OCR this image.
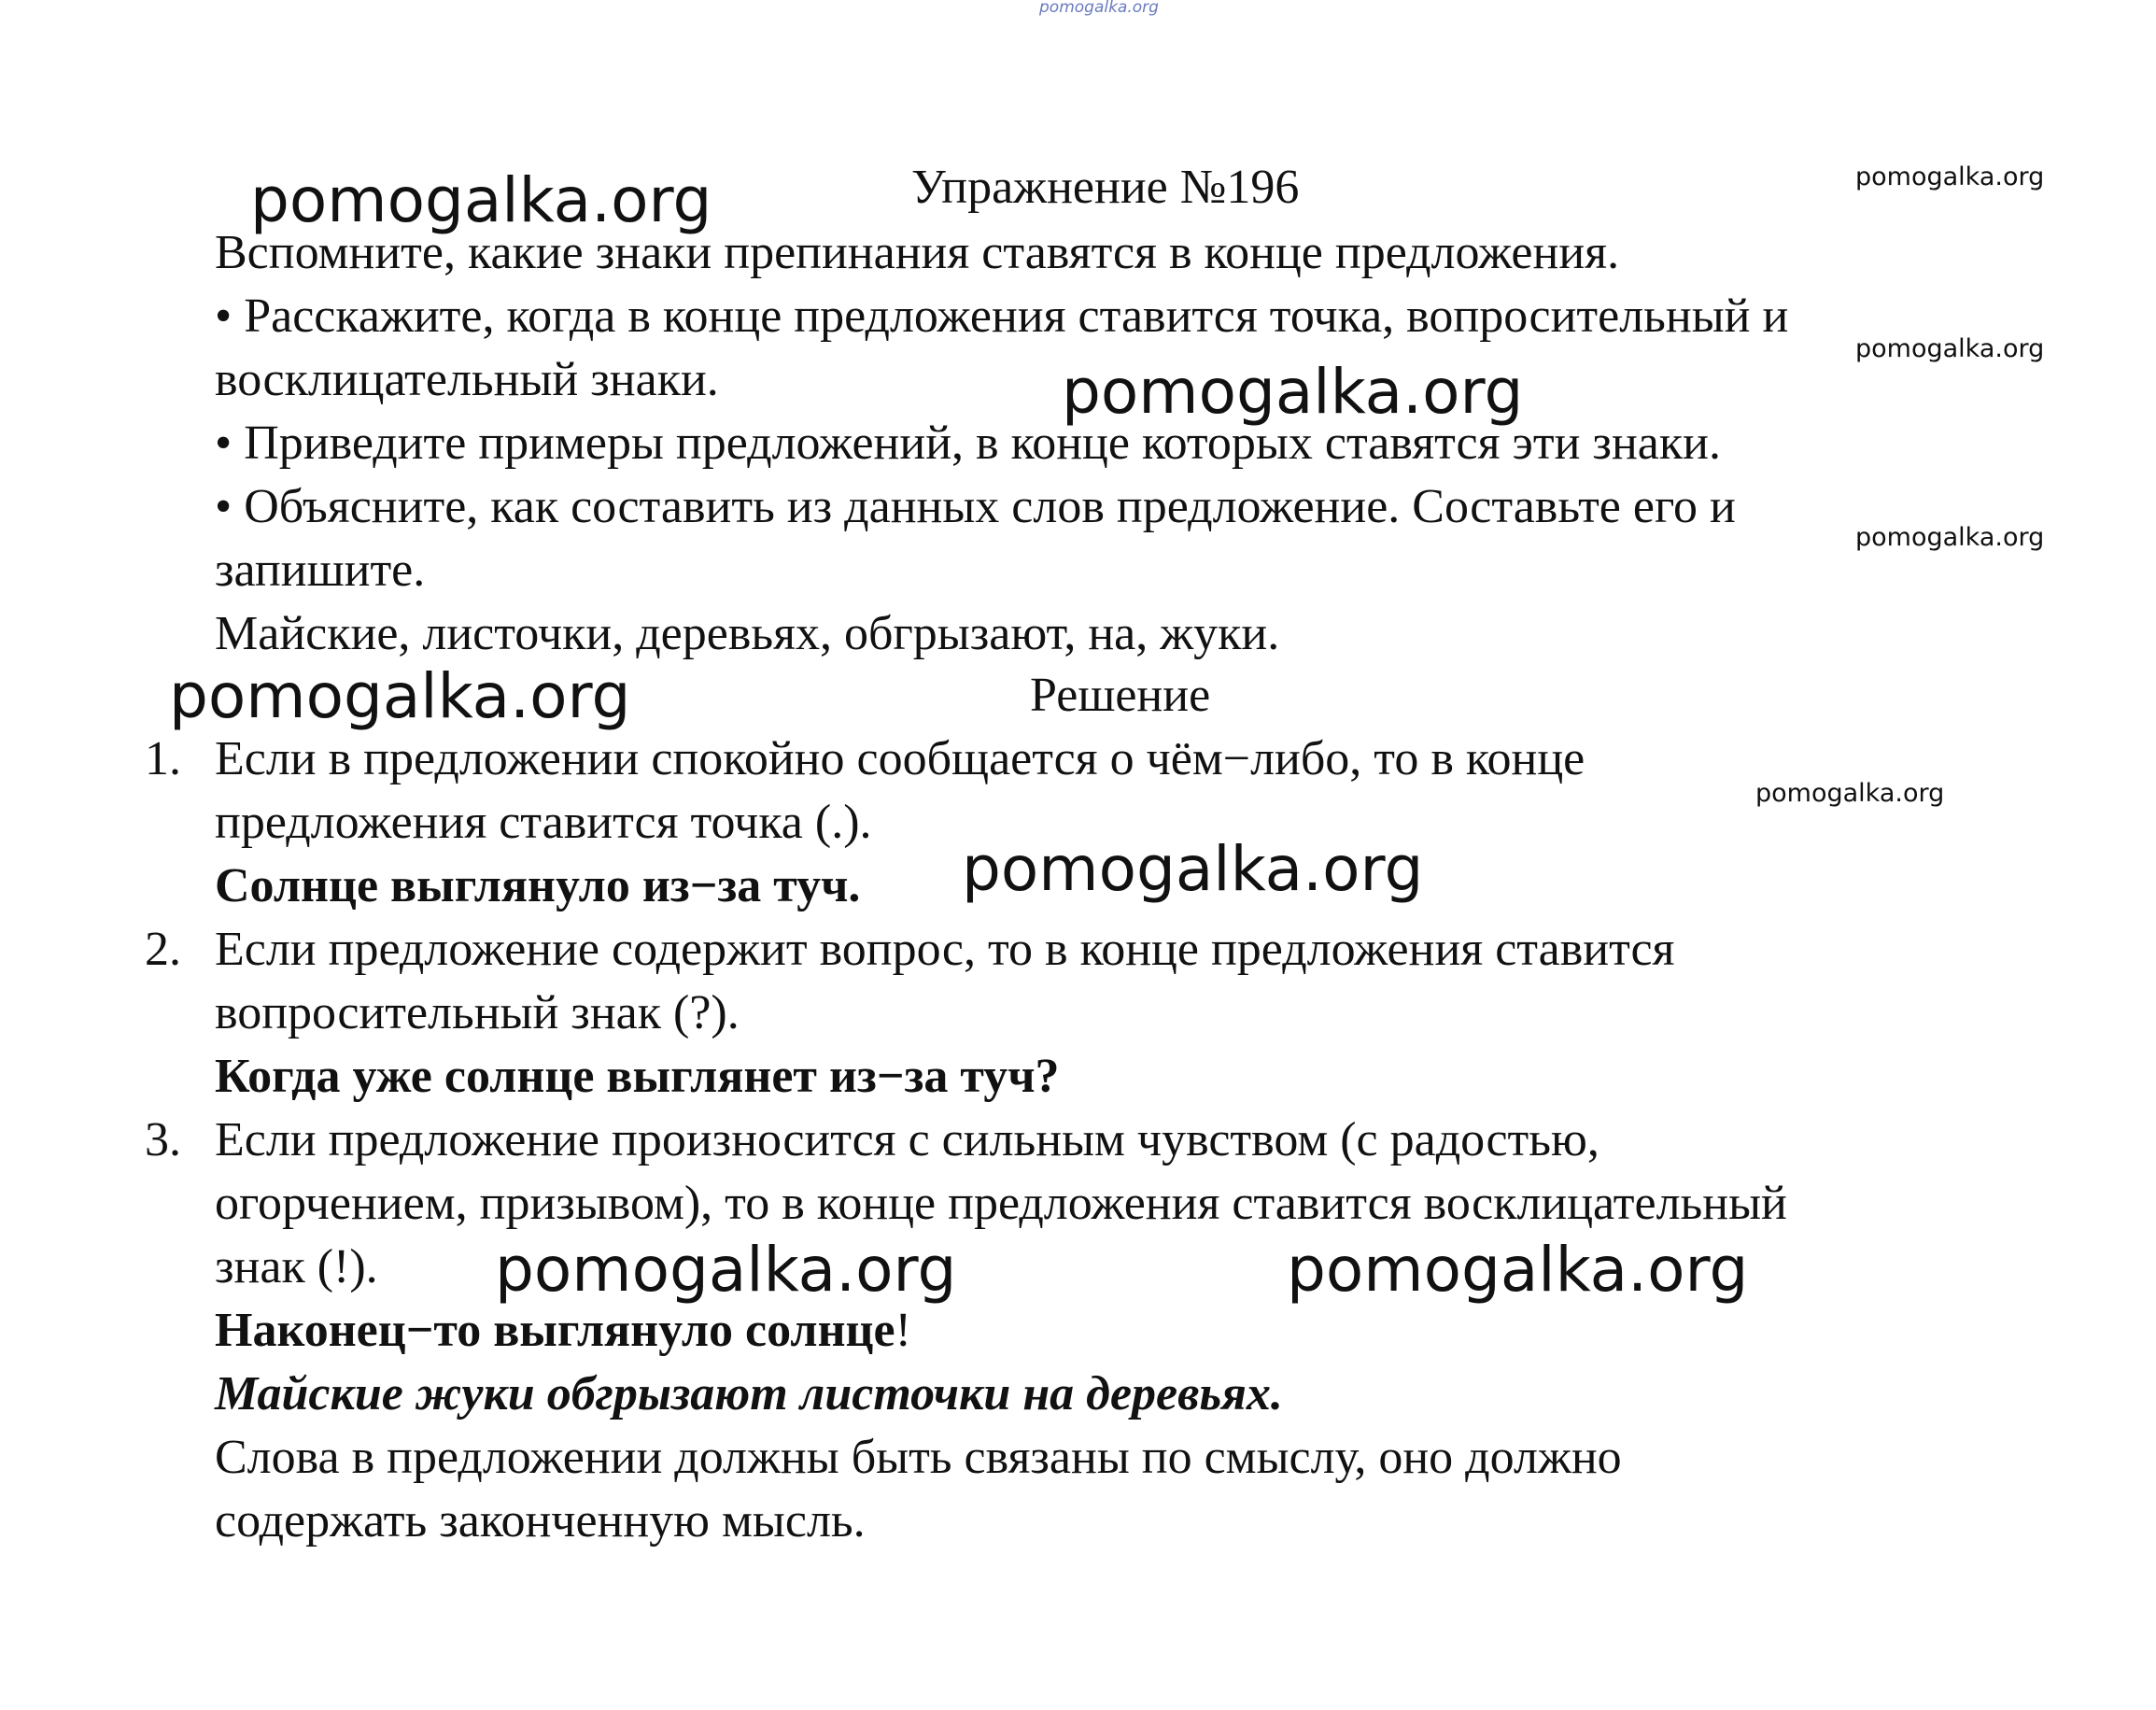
pomogalka.org
Упражнение №196
Вспомните, какие знаки препинания ставятся в конце предложения.
• Расскажите, когда в конце предложения ставится точка, вопросительный и
восклицательный знаки.
• Приведите примеры предложений, в конце которых ставятся эти знаки.
• Объясните, как составить из данных слов предложение. Составьте его и
запишите.
Майские, листочки, деревьях, обгрызают, на, жуки.
Решение
1. Если в предложении спокойно сообщается о чём−либо, то в конце
предложения ставится точка (.).
Солнце выглянуло из−за туч.
2. Если предложение содержит вопрос, то в конце предложения ставится
вопросительный знак (?).
Когда уже солнце выглянет из−за туч?
3. Если предложение произносится с сильным чувством (с радостью,
огорчением, призывом), то в конце предложения ставится восклицательный
знак (!).
Наконец−то выглянуло солнце!
Майские жуки обгрызают листочки на деревьях.
Слова в предложении должны быть связаны по смыслу, оно должно
содержать законченную мысль.
pomogalka.org	pomogalka.org
pomogalka.org
pomogalka.org
pomogalka.org
pomogalka.org
pomogalka.org
pomogalka.org
pomogalka.org	pomogalka.org
